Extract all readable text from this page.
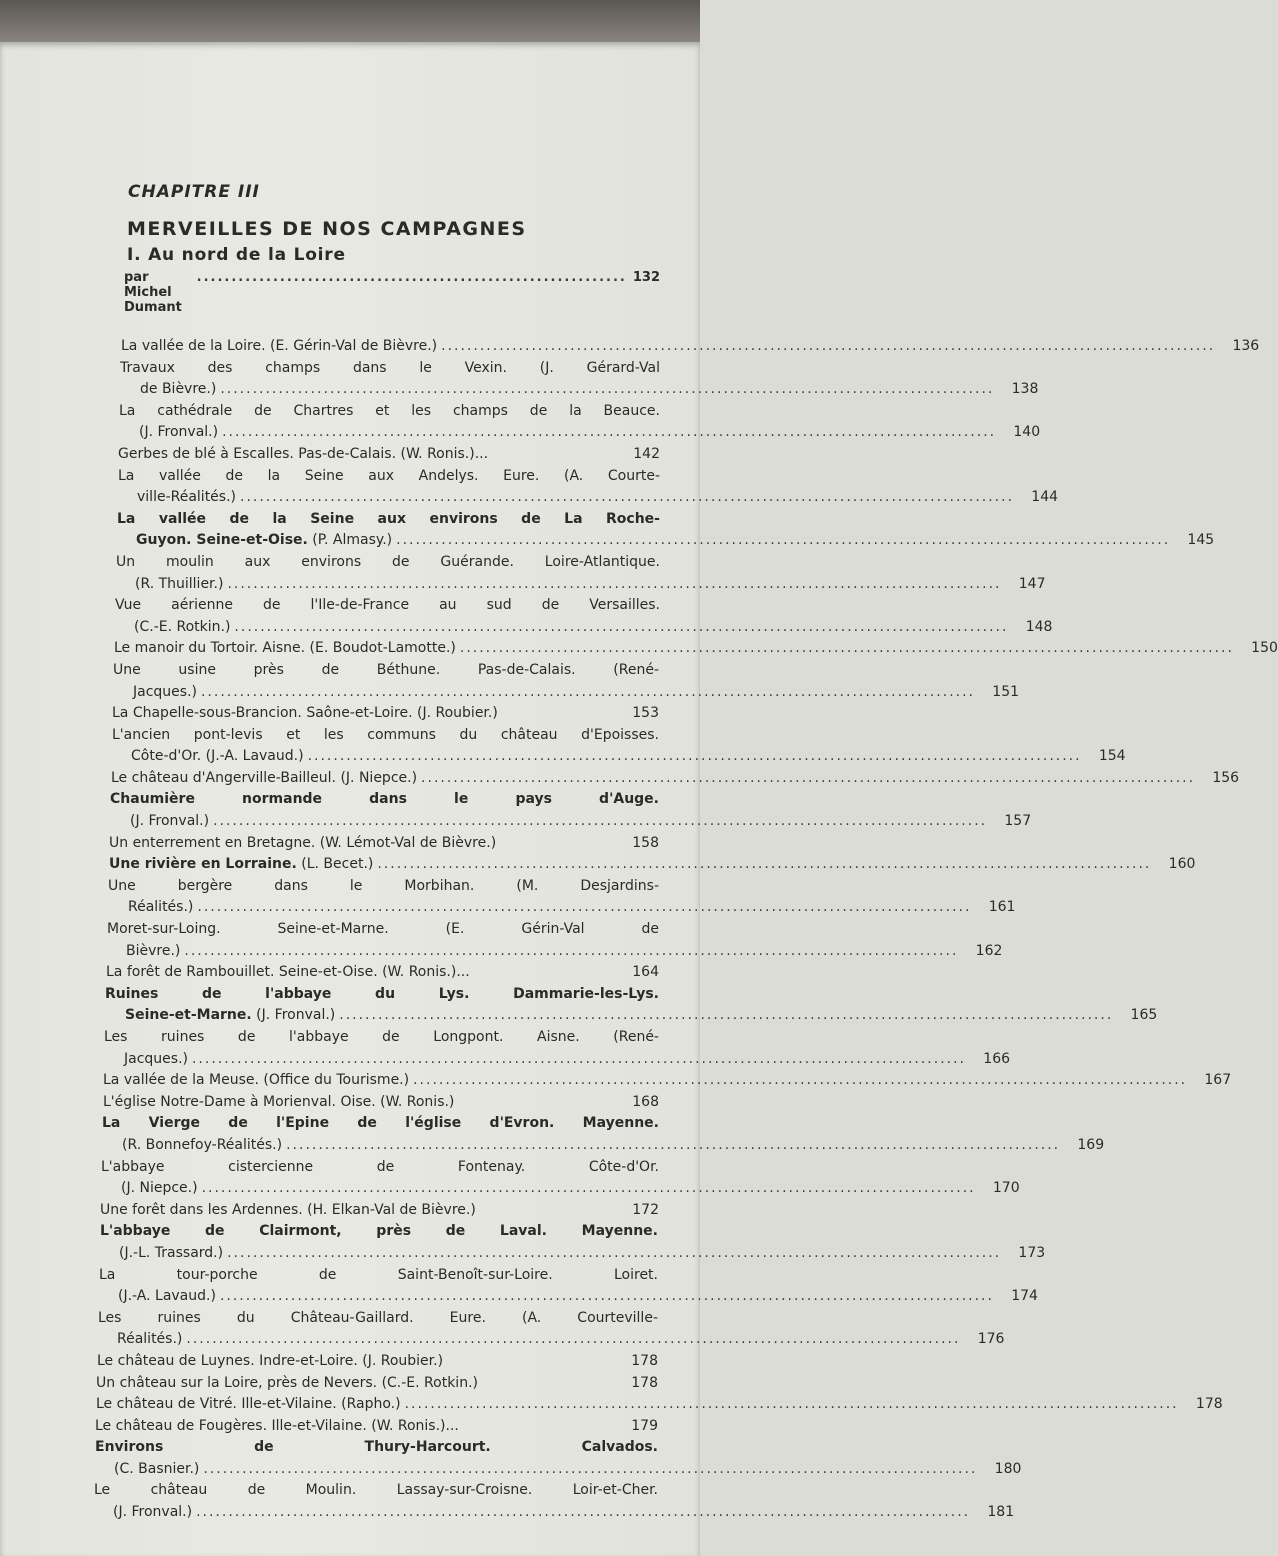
CHAPITRE III
MERVEILLES DE NOS CAMPAGNES
I. Au nord de la Loire
par Michel Dumant
.............................................................. 132
La vallée de la Loire. (E. Gérin-Val de Bièvre.) ........................................................................................................................	136
Travaux des champs dans le Vexin. (J. Gérard-Val
de Bièvre.) ........................................................................................................................	138
La cathédrale de Chartres et les champs de la Beauce.
(J. Fronval.) ........................................................................................................................	140
Gerbes de blé à Escalles. Pas-de-Calais. (W. Ronis.)...	142
La vallée de la Seine aux Andelys. Eure. (A. Courte-
ville-Réalités.) ........................................................................................................................	144
La vallée de la Seine aux environs de La Roche-
Guyon. Seine-et-Oise. (P. Almasy.) ........................................................................................................................	145
Un moulin aux environs de Guérande. Loire-Atlantique.
(R. Thuillier.) ........................................................................................................................	147
Vue aérienne de l'Ile-de-France au sud de Versailles.
(C.-E. Rotkin.) ........................................................................................................................	148
Le manoir du Tortoir. Aisne. (E. Boudot-Lamotte.) ........................................................................................................................	150
Une usine près de Béthune. Pas-de-Calais. (René-
Jacques.) ........................................................................................................................	151
La Chapelle-sous-Brancion. Saône-et-Loire. (J. Roubier.)	153
L'ancien pont-levis et les communs du château d'Epoisses.
Côte-d'Or. (J.-A. Lavaud.) ........................................................................................................................	154
Le château d'Angerville-Bailleul. (J. Niepce.) ........................................................................................................................	156
Chaumière normande dans le pays d'Auge.
(J. Fronval.) ........................................................................................................................	157
Un enterrement en Bretagne. (W. Lémot-Val de Bièvre.)	158
Une rivière en Lorraine. (L. Becet.) ........................................................................................................................	160
Une bergère dans le Morbihan. (M. Desjardins-
Réalités.) ........................................................................................................................	161
Moret-sur-Loing. Seine-et-Marne. (E. Gérin-Val de
Bièvre.) ........................................................................................................................	162
La forêt de Rambouillet. Seine-et-Oise. (W. Ronis.)...	164
Ruines de l'abbaye du Lys. Dammarie-les-Lys.
Seine-et-Marne. (J. Fronval.) ........................................................................................................................	165
Les ruines de l'abbaye de Longpont. Aisne. (René-
Jacques.) ........................................................................................................................	166
La vallée de la Meuse. (Office du Tourisme.) ........................................................................................................................	167
L'église Notre-Dame à Morienval. Oise. (W. Ronis.)	168
La Vierge de l'Epine de l'église d'Evron. Mayenne.
(R. Bonnefoy-Réalités.) ........................................................................................................................	169
L'abbaye cistercienne de Fontenay. Côte-d'Or.
(J. Niepce.) ........................................................................................................................	170
Une forêt dans les Ardennes. (H. Elkan-Val de Bièvre.)	172
L'abbaye de Clairmont, près de Laval. Mayenne.
(J.-L. Trassard.) ........................................................................................................................	173
La tour-porche de Saint-Benoît-sur-Loire. Loiret.
(J.-A. Lavaud.) ........................................................................................................................	174
Les ruines du Château-Gaillard. Eure. (A. Courteville-
Réalités.) ........................................................................................................................	176
Le château de Luynes. Indre-et-Loire. (J. Roubier.)	178
Un château sur la Loire, près de Nevers. (C.-E. Rotkin.)	178
Le château de Vitré. Ille-et-Vilaine. (Rapho.) ........................................................................................................................	178
Le château de Fougères. Ille-et-Vilaine. (W. Ronis.)...	179
Environs de Thury-Harcourt. Calvados.
(C. Basnier.) ........................................................................................................................	180
Le château de Moulin. Lassay-sur-Croisne. Loir-et-Cher.
(J. Fronval.) ........................................................................................................................	181
